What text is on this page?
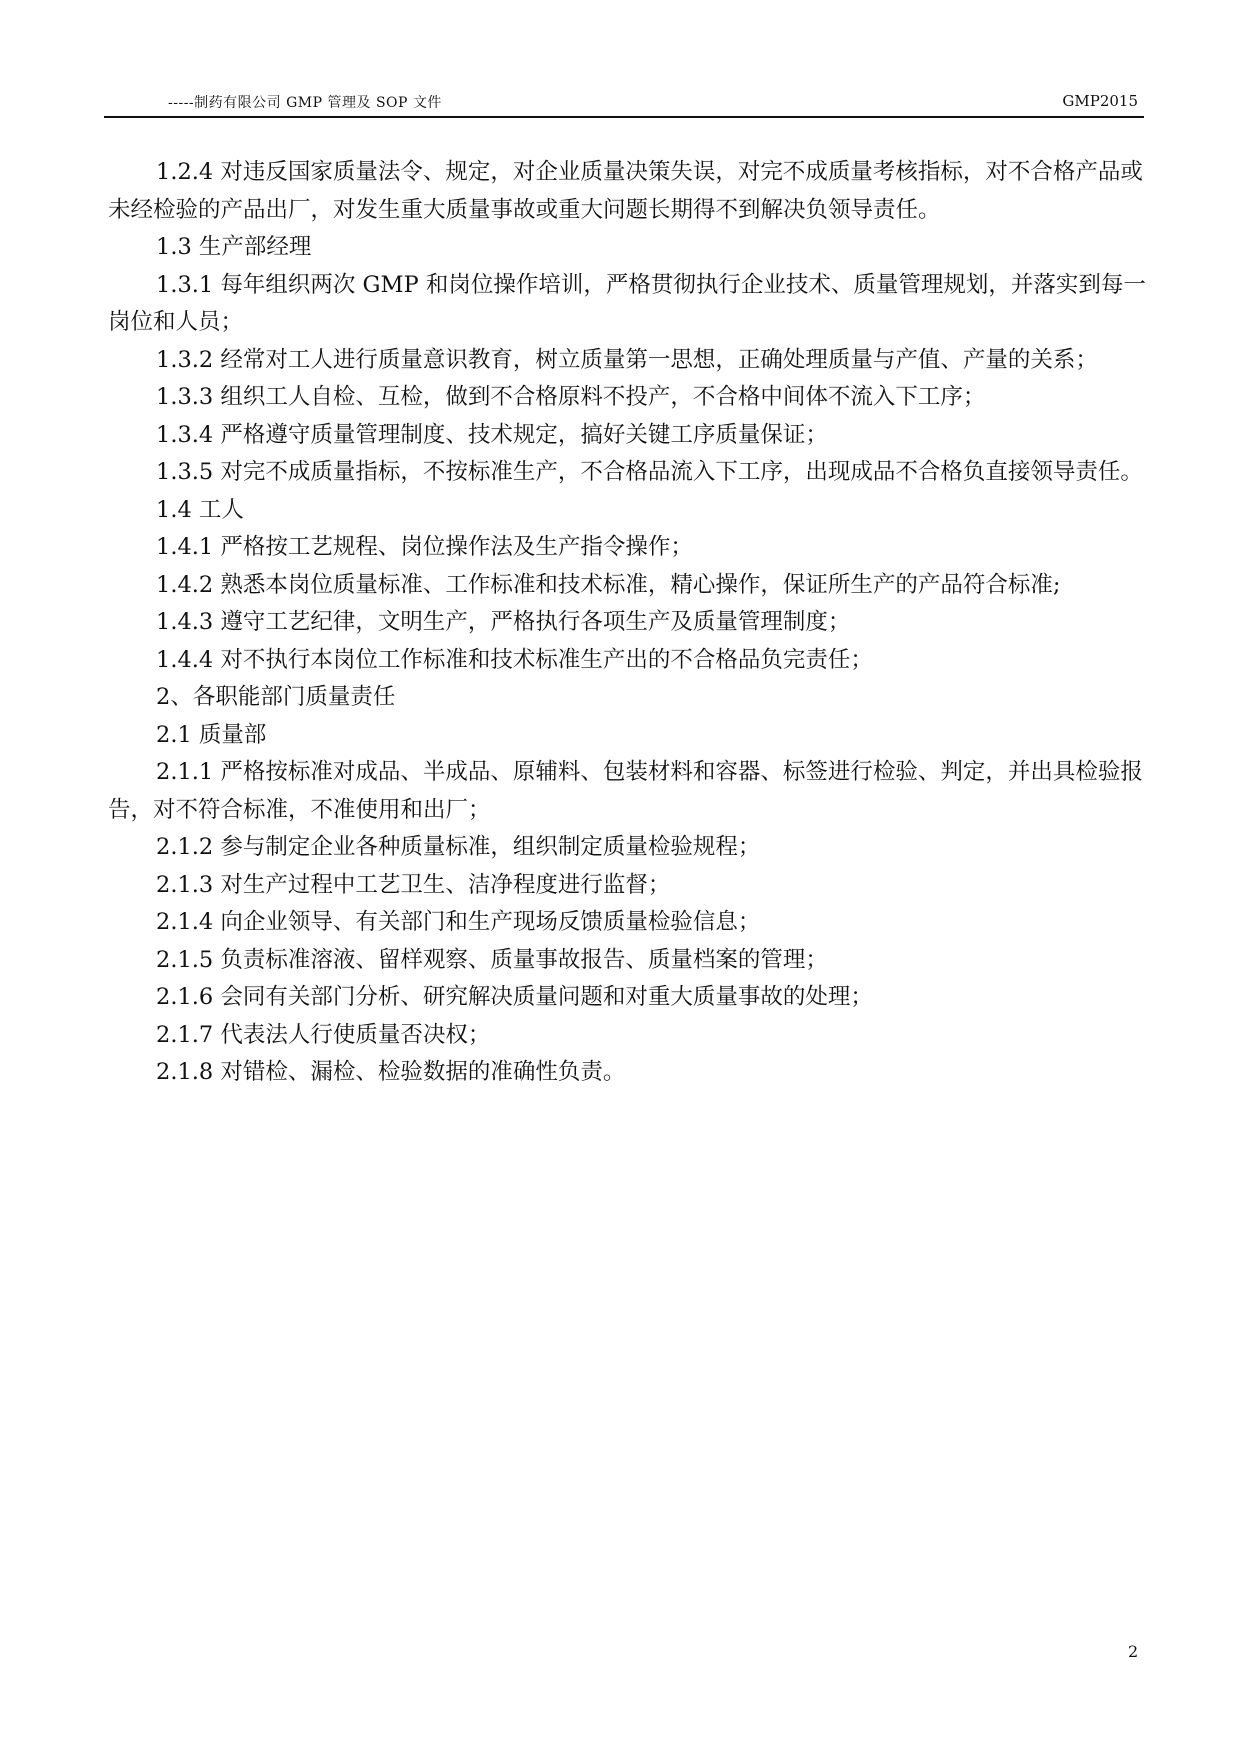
-----制药有限公司 GMP 管理及 SOP 文件	GMP2015

1.2.4 对违反国家质量法令、规定，对企业质量决策失误，对完不成质量考核指标，对不合格产品或未经检验的产品出厂，对发生重大质量事故或重大问题长期得不到解决负领导责任。

1.3 生产部经理

1.3.1 每年组织两次 GMP 和岗位操作培训，严格贯彻执行企业技术、质量管理规划，并落实到每一岗位和人员；

1.3.2 经常对工人进行质量意识教育，树立质量第一思想，正确处理质量与产值、产量的关系；

1.3.3 组织工人自检、互检，做到不合格原料不投产，不合格中间体不流入下工序；

1.3.4 严格遵守质量管理制度、技术规定，搞好关键工序质量保证；

1.3.5 对完不成质量指标，不按标准生产，不合格品流入下工序，出现成品不合格负直接领导责任。

1.4 工人

1.4.1 严格按工艺规程、岗位操作法及生产指令操作；

1.4.2 熟悉本岗位质量标准、工作标准和技术标准，精心操作，保证所生产的产品符合标准;

1.4.3 遵守工艺纪律，文明生产，严格执行各项生产及质量管理制度；

1.4.4 对不执行本岗位工作标准和技术标准生产出的不合格品负完责任；

2、各职能部门质量责任

2.1 质量部

2.1.1 严格按标准对成品、半成品、原辅料、包装材料和容器、标签进行检验、判定，并出具检验报告，对不符合标准，不准使用和出厂；

2.1.2 参与制定企业各种质量标准，组织制定质量检验规程；

2.1.3 对生产过程中工艺卫生、洁净程度进行监督；

2.1.4 向企业领导、有关部门和生产现场反馈质量检验信息；

2.1.5 负责标准溶液、留样观察、质量事故报告、质量档案的管理；

2.1.6 会同有关部门分析、研究解决质量问题和对重大质量事故的处理；

2.1.7 代表法人行使质量否决权；

2.1.8 对错检、漏检、检验数据的准确性负责。

2
